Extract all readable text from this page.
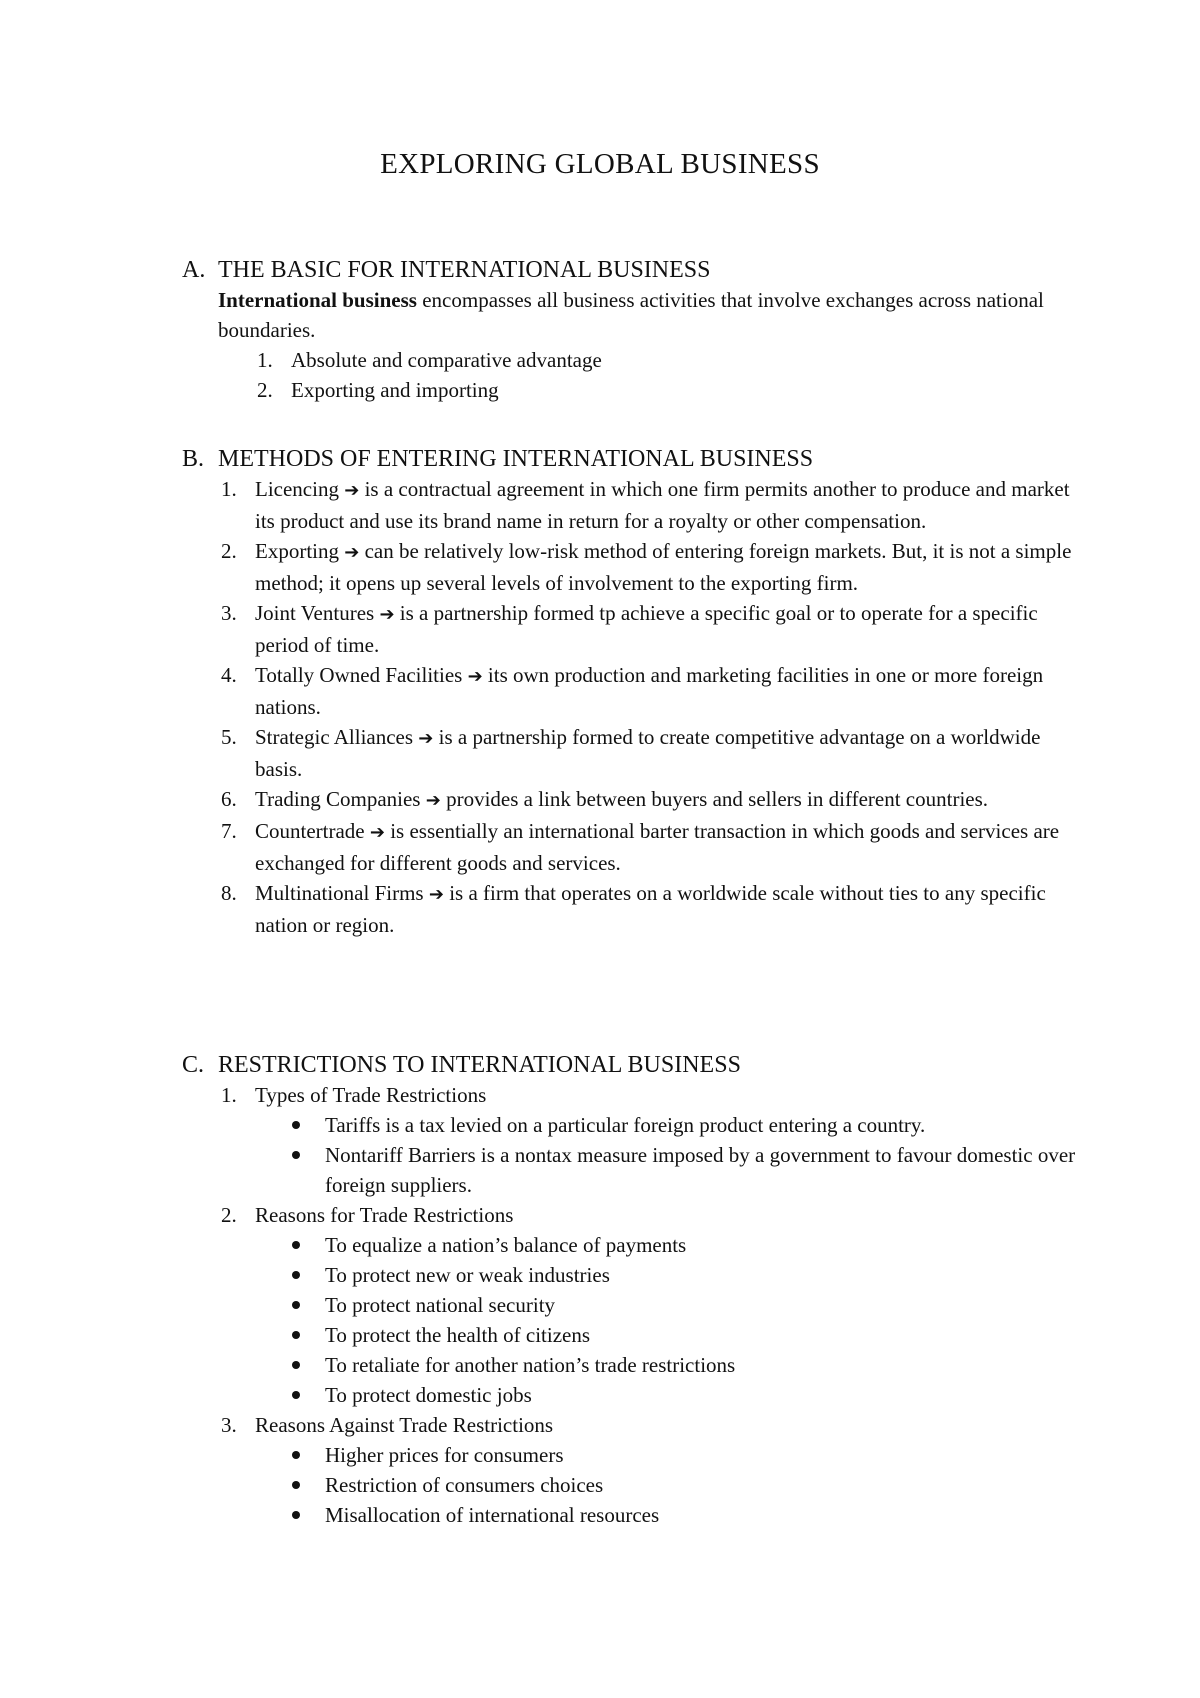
EXPLORING GLOBAL BUSINESS
A. THE BASIC FOR INTERNATIONAL BUSINESS

International business encompasses all business activities that involve exchanges across national boundaries.

1. Absolute and comparative advantage
2. Exporting and importing
B. METHODS OF ENTERING INTERNATIONAL BUSINESS
1. Licencing ➔ is a contractual agreement in which one firm permits another to produce and market its product and use its brand name in return for a royalty or other compensation.
2. Exporting ➔ can be relatively low-risk method of entering foreign markets. But, it is not a simple method; it opens up several levels of involvement to the exporting firm.
3. Joint Ventures ➔ is a partnership formed tp achieve a specific goal or to operate for a specific period of time.
4. Totally Owned Facilities ➔ its own production and marketing facilities in one or more foreign nations.
5. Strategic Alliances ➔ is a partnership formed to create competitive advantage on a worldwide basis.
6. Trading Companies ➔ provides a link between buyers and sellers in different countries.
7. Countertrade ➔ is essentially an international barter transaction in which goods and services are exchanged for different goods and services.
8. Multinational Firms ➔ is a firm that operates on a worldwide scale without ties to any specific nation or region.
C. RESTRICTIONS TO INTERNATIONAL BUSINESS
1. Types of Trade Restrictions
Tariffs is a tax levied on a particular foreign product entering a country.
Nontariff Barriers is a nontax measure imposed by a government to favour domestic over foreign suppliers.
2. Reasons for Trade Restrictions
To equalize a nation’s balance of payments
To protect new or weak industries
To protect national security
To protect the health of citizens
To retaliate for another nation’s trade restrictions
To protect domestic jobs
3. Reasons Against Trade Restrictions
Higher prices for consumers
Restriction of consumers choices
Misallocation of international resources
